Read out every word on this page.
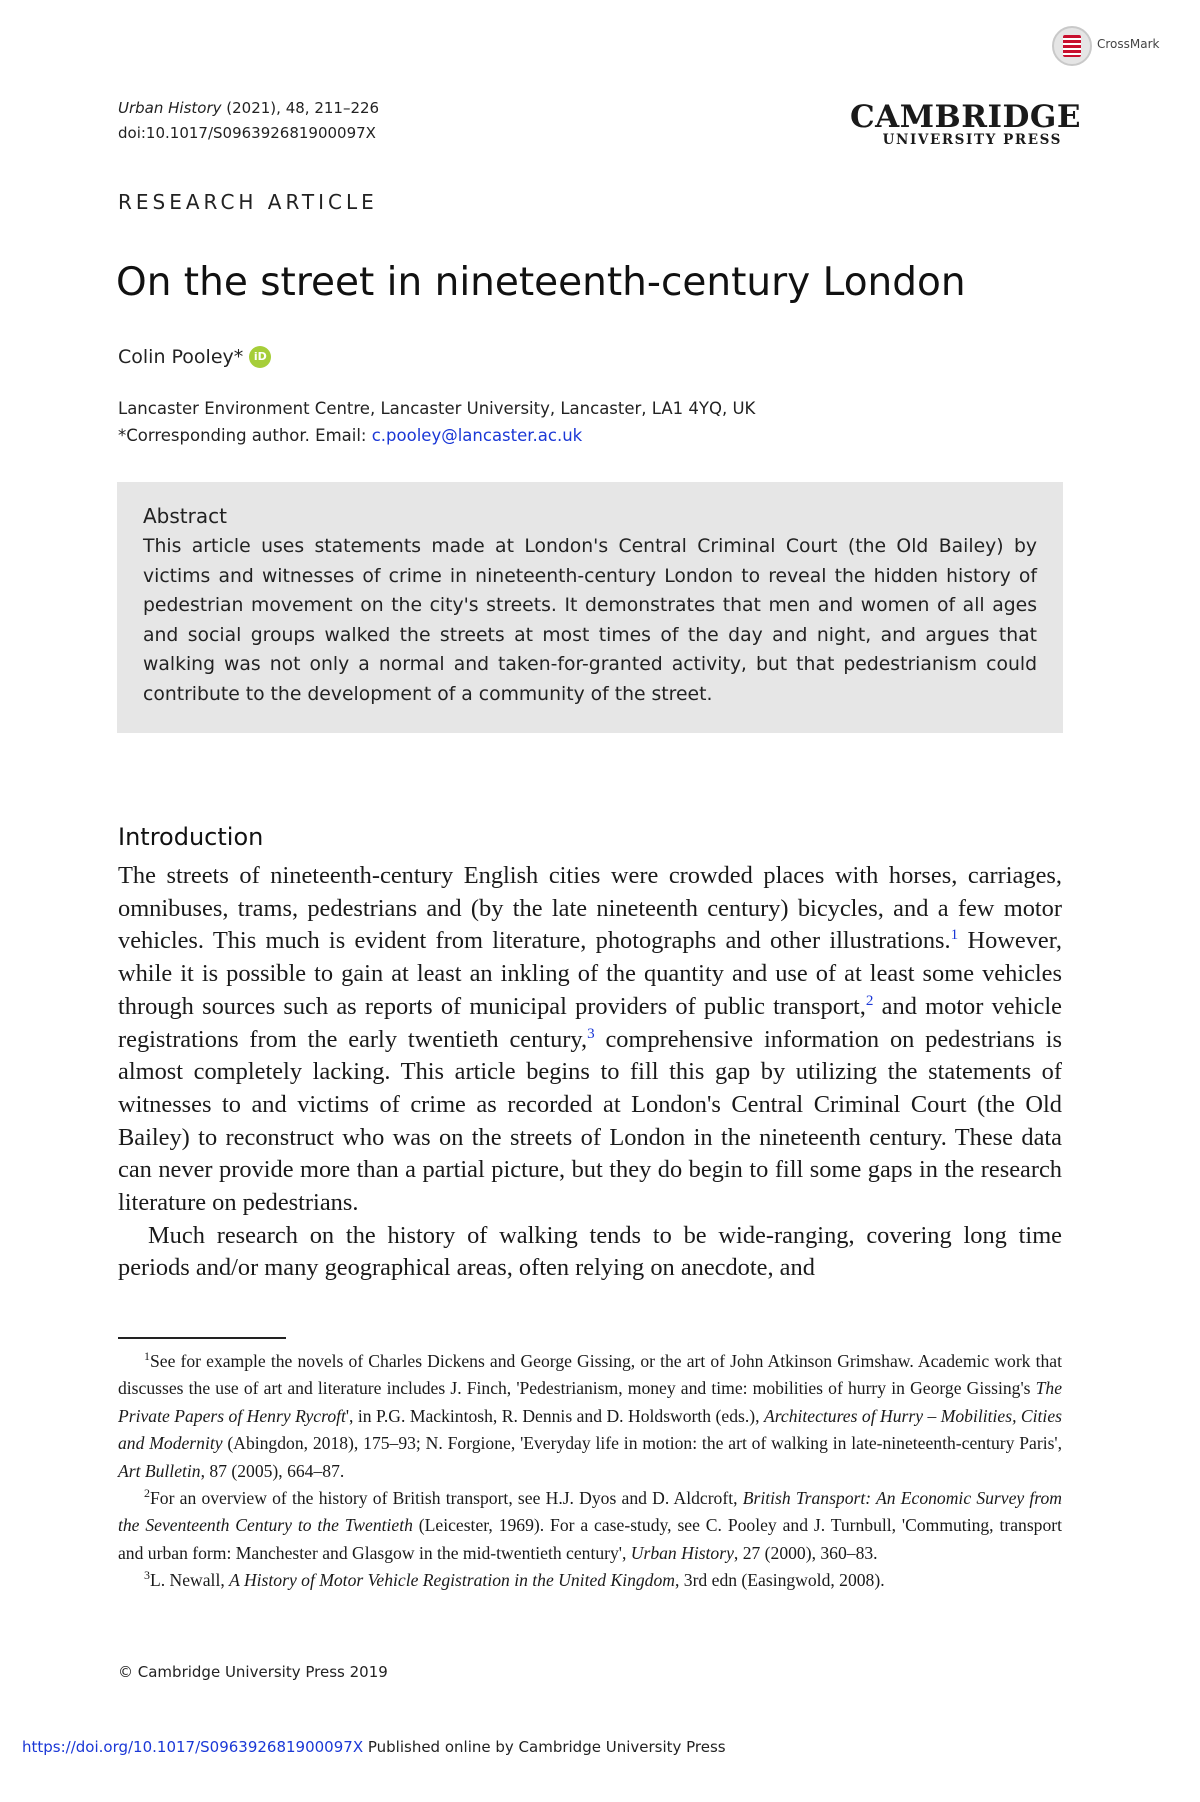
Urban History (2021), 48, 211–226
doi:10.1017/S096392681900097X
CrossMark
CAMBRIDGE
UNIVERSITY PRESS
RESEARCH ARTICLE
On the street in nineteenth-century London
Colin Pooley* iD
Lancaster Environment Centre, Lancaster University, Lancaster, LA1 4YQ, UK
*Corresponding author. Email: c.pooley@lancaster.ac.uk
Abstract

This article uses statements made at London's Central Criminal Court (the Old Bailey) by victims and witnesses of crime in nineteenth-century London to reveal the hidden history of pedestrian movement on the city's streets. It demonstrates that men and women of all ages and social groups walked the streets at most times of the day and night, and argues that walking was not only a normal and taken-for-granted activity, but that pedestrianism could contribute to the development of a community of the street.

Introduction

The streets of nineteenth-century English cities were crowded places with horses, carriages, omnibuses, trams, pedestrians and (by the late nineteenth century) bicycles, and a few motor vehicles. This much is evident from literature, photographs and other illustrations.$^1$ However, while it is possible to gain at least an inkling of the quantity and use of at least some vehicles through sources such as reports of municipal providers of public transport,$^2$ and motor vehicle registrations from the early twentieth century,$^3$ comprehensive information on pedestrians is almost completely lacking. This article begins to fill this gap by utilizing the statements of witnesses to and victims of crime as recorded at London's Central Criminal Court (the Old Bailey) to reconstruct who was on the streets of London in the nineteenth century. These data can never provide more than a partial picture, but they do begin to fill some gaps in the research literature on pedestrians.

Much research on the history of walking tends to be wide-ranging, covering long time periods and/or many geographical areas, often relying on anecdote, and

$^1$See for example the novels of Charles Dickens and George Gissing, or the art of John Atkinson Grimshaw. Academic work that discusses the use of art and literature includes J. Finch, 'Pedestrianism, money and time: mobilities of hurry in George Gissing's The Private Papers of Henry Rycroft', in P.G. Mackintosh, R. Dennis and D. Holdsworth (eds.), Architectures of Hurry – Mobilities, Cities and Modernity (Abingdon, 2018), 175–93; N. Forgione, 'Everyday life in motion: the art of walking in late-nineteenth-century Paris', Art Bulletin, 87 (2005), 664–87.

$^2$For an overview of the history of British transport, see H.J. Dyos and D. Aldcroft, British Transport: An Economic Survey from the Seventeenth Century to the Twentieth (Leicester, 1969). For a case-study, see C. Pooley and J. Turnbull, 'Commuting, transport and urban form: Manchester and Glasgow in the mid-twentieth century', Urban History, 27 (2000), 360–83.

$^3$L. Newall, A History of Motor Vehicle Registration in the United Kingdom, 3rd edn (Easingwold, 2008).

© Cambridge University Press 2019
https://doi.org/10.1017/S096392681900097X Published online by Cambridge University Press
